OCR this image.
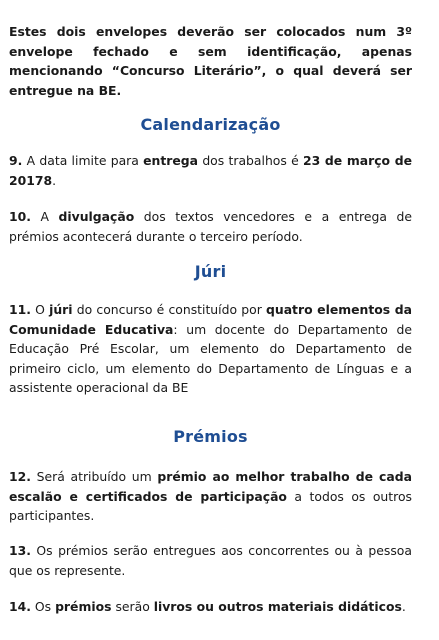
Estes dois envelopes deverão ser colocados num 3º envelope fechado e sem identificação, apenas mencionando “Concurso Literário”, o qual deverá ser entregue na BE.

Calendarização

9. A data limite para entrega dos trabalhos é 23 de março de 20178.

10. A divulgação dos textos vencedores e a entrega de prémios acontecerá durante o terceiro período.

Júri

11. O júri do concurso é constituído por quatro elementos da Comunidade Educativa: um docente do Departamento de Educação Pré Escolar, um elemento do Departamento de primeiro ciclo, um elemento do Departamento de Línguas e a assistente operacional da BE

Prémios

12. Será atribuído um prémio ao melhor trabalho de cada escalão e certificados de participação a todos os outros participantes.

13. Os prémios serão entregues aos concorrentes ou à pessoa que os represente.

14. Os prémios serão livros ou outros materiais didáticos.
